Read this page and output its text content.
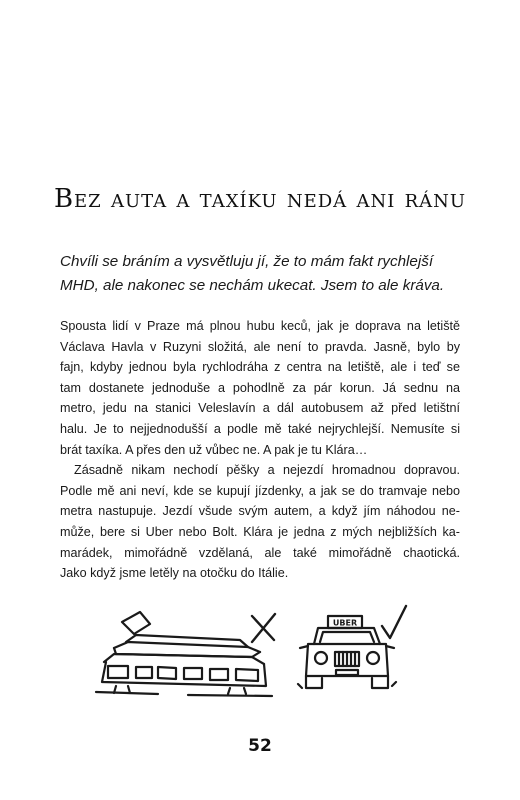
Bez auta a taxíku nedá ani ránu
Chvíli se bráním a vysvětluju jí, že to mám fakt rychlejší
MHD, ale nakonec se nechám ukecat. Jsem to ale kráva.
Spousta lidí v Praze má plnou hubu keců, jak je doprava na letiště
Václava Havla v Ruzyni složitá, ale není to pravda. Jasně, bylo by
fajn, kdyby jednou byla rychlodráha z centra na letiště, ale i teď se
tam dostanete jednoduše a pohodlně za pár korun. Já sednu na
metro, jedu na stanici Veleslavín a dál autobusem až před letištní
halu. Je to nejjednodušší a podle mě také nejrychlejší. Nemusíte si
brát taxíka. A přes den už vůbec ne. A pak je tu Klára…
Zásadně nikam nechodí pěšky a nejezdí hromadnou dopravou.
Podle mě ani neví, kde se kupují jízdenky, a jak se do tramvaje nebo
metra nastupuje. Jezdí všude svým autem, a když jím náhodou ne-
může, bere si Uber nebo Bolt. Klára je jedna z mých nejbližších ka-
marádek, mimořádně vzdělaná, ale také mimořádně chaotická.
Jako když jsme letěly na otočku do Itálie.
UBER
52
